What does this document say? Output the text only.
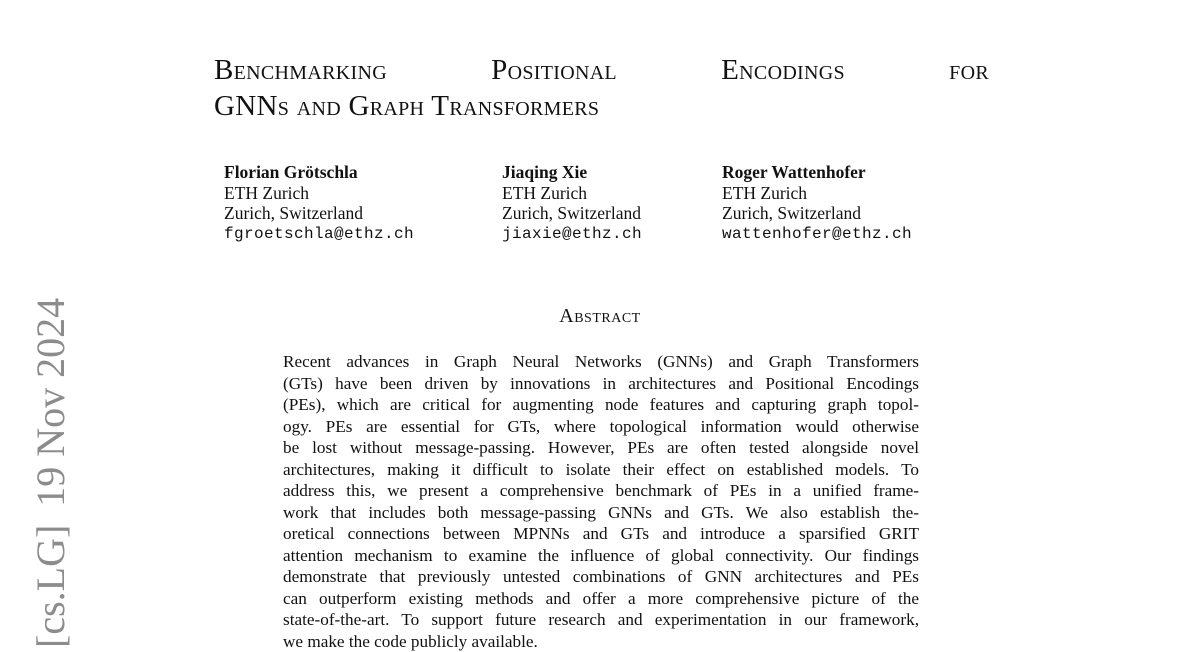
Benchmarking	Positional	Encodings	for
GNNs and Graph Transformers
Florian Grötschla
ETH Zurich
Zurich, Switzerland
fgroetschla@ethz.ch
Jiaqing Xie
ETH Zurich
Zurich, Switzerland
jiaxie@ethz.ch
Roger Wattenhofer
ETH Zurich
Zurich, Switzerland
wattenhofer@ethz.ch
Abstract
Recent advances in Graph Neural Networks (GNNs) and Graph Transformers
(GTs) have been driven by innovations in architectures and Positional Encodings
(PEs), which are critical for augmenting node features and capturing graph topol-
ogy. PEs are essential for GTs, where topological information would otherwise
be lost without message-passing. However, PEs are often tested alongside novel
architectures, making it difficult to isolate their effect on established models. To
address this, we present a comprehensive benchmark of PEs in a unified frame-
work that includes both message-passing GNNs and GTs. We also establish the-
oretical connections between MPNNs and GTs and introduce a sparsified GRIT
attention mechanism to examine the influence of global connectivity. Our findings
demonstrate that previously untested combinations of GNN architectures and PEs
can outperform existing methods and offer a more comprehensive picture of the
state-of-the-art. To support future research and experimentation in our framework,
we make the code publicly available.
[cs.LG]19 Nov 2024
